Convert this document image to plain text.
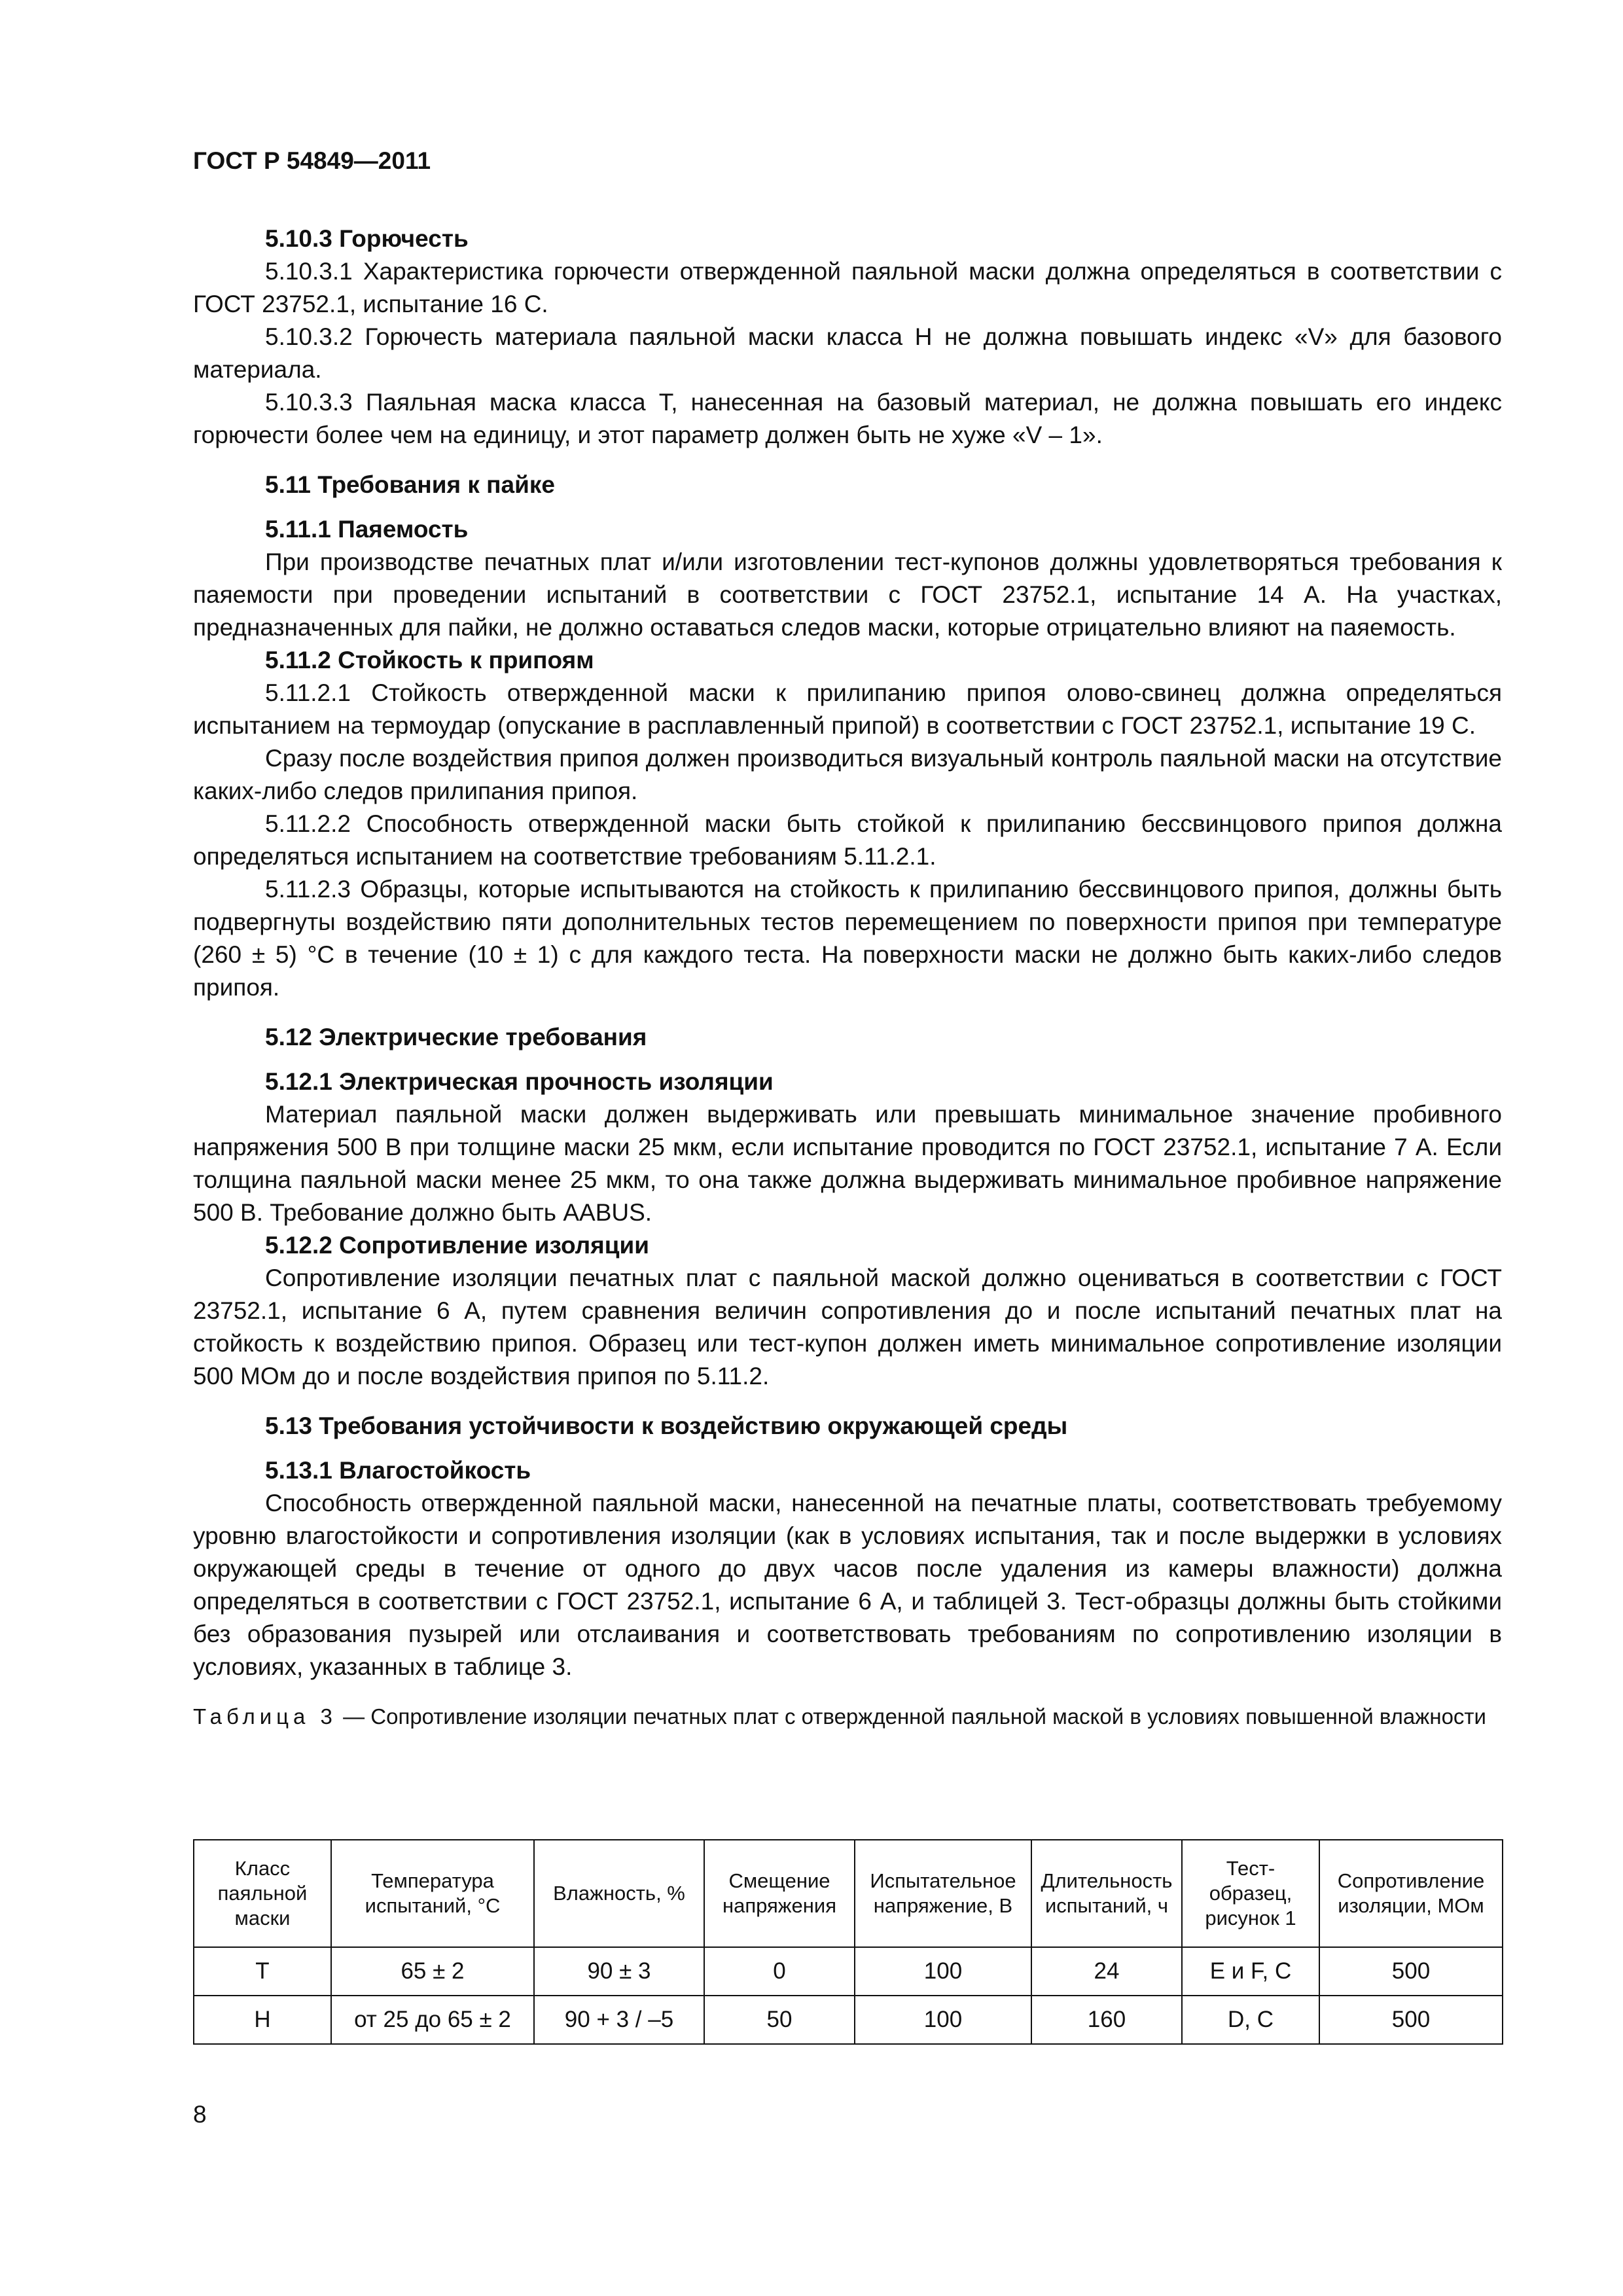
ГОСТ Р 54849—2011
5.10.3 Горючесть

5.10.3.1 Характеристика горючести отвержденной паяльной маски должна определяться в соответствии с ГОСТ 23752.1, испытание 16 С.

5.10.3.2 Горючесть материала паяльной маски класса Н не должна повышать индекс «V» для базового материала.

5.10.3.3 Паяльная маска класса Т, нанесенная на базовый материал, не должна повышать его индекс горючести более чем на единицу, и этот параметр должен быть не хуже «V – 1».

5.11 Требования к пайке
5.11.1 Паяемость

При производстве печатных плат и/или изготовлении тест-купонов должны удовлетворяться требования к паяемости при проведении испытаний в соответствии с ГОСТ 23752.1, испытание 14 А. На участках, предназначенных для пайки, не должно оставаться следов маски, которые отрицательно влияют на паяемость.

5.11.2 Стойкость к припоям

5.11.2.1 Стойкость отвержденной маски к прилипанию припоя олово-свинец должна определяться испытанием на термоудар (опускание в расплавленный припой) в соответствии с ГОСТ 23752.1, испытание 19 С.

Сразу после воздействия припоя должен производиться визуальный контроль паяльной маски на отсутствие каких-либо следов прилипания припоя.

5.11.2.2 Способность отвержденной маски быть стойкой к прилипанию бессвинцового припоя должна определяться испытанием на соответствие требованиям 5.11.2.1.

5.11.2.3 Образцы, которые испытываются на стойкость к прилипанию бессвинцового припоя, должны быть подвергнуты воздействию пяти дополнительных тестов перемещением по поверхности припоя при температуре (260 ± 5) °С в течение (10 ± 1) с для каждого теста. На поверхности маски не должно быть каких-либо следов припоя.

5.12 Электрические требования
5.12.1 Электрическая прочность изоляции

Материал паяльной маски должен выдерживать или превышать минимальное значение пробивного напряжения 500 В при толщине маски 25 мкм, если испытание проводится по ГОСТ 23752.1, испытание 7 А. Если толщина паяльной маски менее 25 мкм, то она также должна выдерживать минимальное пробивное напряжение 500 В. Требование должно быть AABUS.

5.12.2 Сопротивление изоляции

Сопротивление изоляции печатных плат с паяльной маской должно оцениваться в соответствии с ГОСТ 23752.1, испытание 6 А, путем сравнения величин сопротивления до и после испытаний печатных плат на стойкость к воздействию припоя. Образец или тест-купон должен иметь минимальное сопротивление изоляции 500 МОм до и после воздействия припоя по 5.11.2.

5.13 Требования устойчивости к воздействию окружающей среды
5.13.1 Влагостойкость

Способность отвержденной паяльной маски, нанесенной на печатные платы, соответствовать требуемому уровню влагостойкости и сопротивления изоляции (как в условиях испытания, так и после выдержки в условиях окружающей среды в течение от одного до двух часов после удаления из камеры влажности) должна определяться в соответствии с ГОСТ 23752.1, испытание 6 А, и таблицей 3. Тест-образцы должны быть стойкими без образования пузырей или отслаивания и соответствовать требованиям по сопротивлению изоляции в условиях, указанных в таблице 3.

Таблица 3 — Сопротивление изоляции печатных плат с отвержденной паяльной маской в условиях повышенной влажности

Класс паяльной маски	Температура испытаний, °С	Влажность, %	Смещение напряжения	Испытательное напряжение, В	Длительность испытаний, ч	Тест-образец, рисунок 1	Сопротивление изоляции, МОм
Т	65 ± 2	90 ± 3	0	100	24	Е и F, С	500
Н	от 25 до 65 ± 2	90 + 3 / –5	50	100	160	D, С	500
8
